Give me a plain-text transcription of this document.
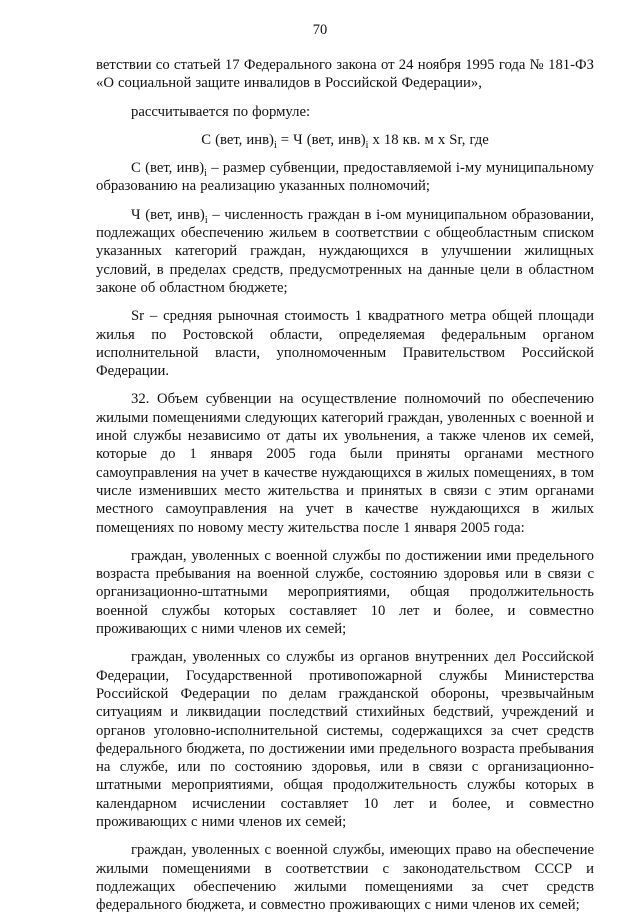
70

ветствии со статьей 17 Федерального закона от 24 ноября 1995 года № 181-ФЗ «О социальной защите инвалидов в Российской Федерации»,

рассчитывается по формуле:

С (вет, $инв)_i = Ч$ (вет, $инв)_i$ х 18 кв. м х Sr, где

С (вет, $инв)_i$ – размер субвенции, предоставляемой i-му муниципальному образованию на реализацию указанных полномочий;

Ч (вет, $инв)_i$ – численность граждан в i-ом муниципальном образовании, подлежащих обеспечению жильем в соответствии с общеобластным списком указанных категорий граждан, нуждающихся в улучшении жилищных условий, в пределах средств, предусмотренных на данные цели в областном законе об областном бюджете;

Sr – средняя рыночная стоимость 1 квадратного метра общей площади жилья по Ростовской области, определяемая федеральным органом исполнительной власти, уполномоченным Правительством Российской Федерации.

32. Объем субвенции на осуществление полномочий по обеспечению жилыми помещениями следующих категорий граждан, уволенных с военной и иной службы независимо от даты их увольнения, а также членов их семей, которые до 1 января 2005 года были приняты органами местного самоуправления на учет в качестве нуждающихся в жилых помещениях, в том числе изменивших место жительства и принятых в связи с этим органами местного самоуправления на учет в качестве нуждающихся в жилых помещениях по новому месту жительства после 1 января 2005 года:

граждан, уволенных с военной службы по достижении ими предельного возраста пребывания на военной службе, состоянию здоровья или в связи с организационно-штатными мероприятиями, общая продолжительность военной службы которых составляет 10 лет и более, и совместно проживающих с ними членов их семей;

граждан, уволенных со службы из органов внутренних дел Российской Федерации, Государственной противопожарной службы Министерства Российской Федерации по делам гражданской обороны, чрезвычайным ситуациям и ликвидации последствий стихийных бедствий, учреждений и органов уголовно-исполнительной системы, содержащихся за счет средств федерального бюджета, по достижении ими предельного возраста пребывания на службе, или по состоянию здоровья, или в связи с организационно-штатными мероприятиями, общая продолжительность службы которых в календарном исчислении составляет 10 лет и более, и совместно проживающих с ними членов их семей;

граждан, уволенных с военной службы, имеющих право на обеспечение жилыми помещениями в соответствии с законодательством СССР и подлежащих обеспечению жилыми помещениями за счет средств федерального бюджета, и совместно проживающих с ними членов их семей;
